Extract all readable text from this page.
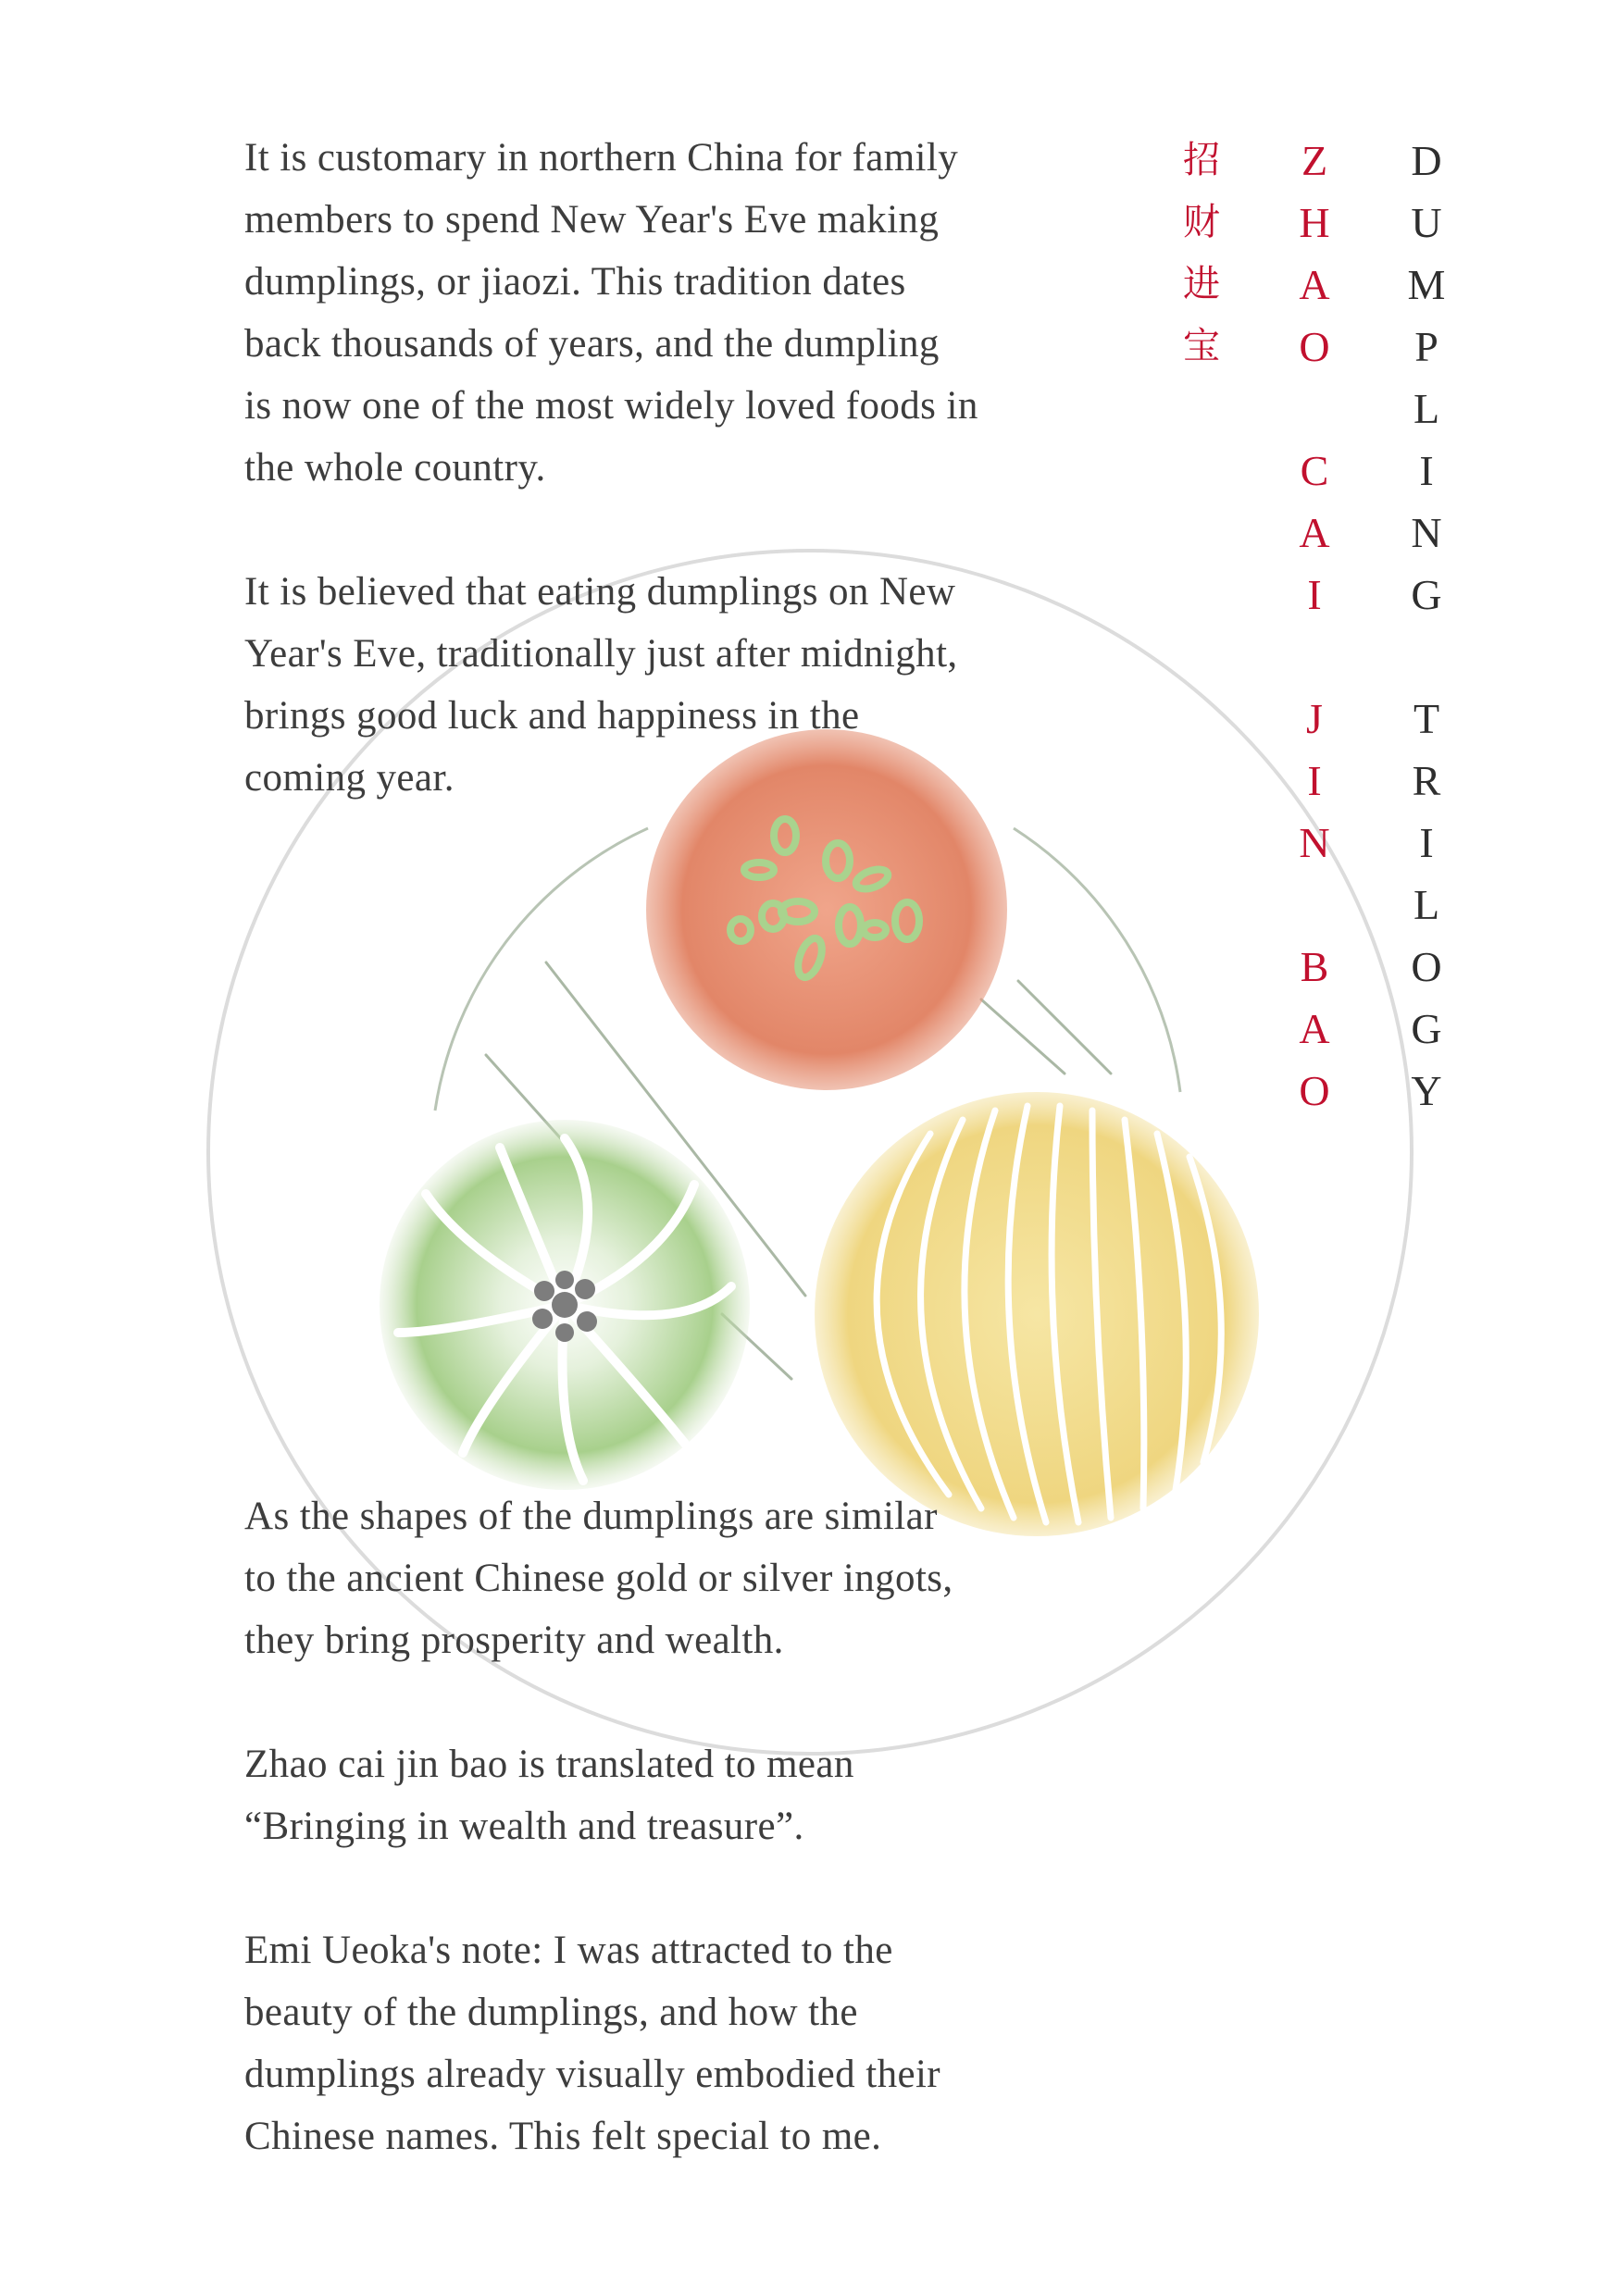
It is customary in northern China for family
members to spend New Year's Eve making
dumplings, or jiaozi. This tradition dates
back thousands of years, and the dumpling
is now one of the most widely loved foods in
the whole country.
It is believed that eating dumplings on New
Year's Eve, traditionally just after midnight,
brings good luck and happiness in the
coming year.
As the shapes of the dumplings are similar
to the ancient Chinese gold or silver ingots,
they bring prosperity and wealth.
Zhao cai jin bao is translated to mean
“Bringing in wealth and treasure”.
Emi Ueoka's note: I was attracted to the
beauty of the dumplings, and how the
dumplings already visually embodied their
Chinese names. This felt special to me.
招
财
进
宝
Z
H
A
O

C
A
I

J
I
N

B
A
O
D
U
M
P
L
I
N
G

T
R
I
L
O
G
Y
